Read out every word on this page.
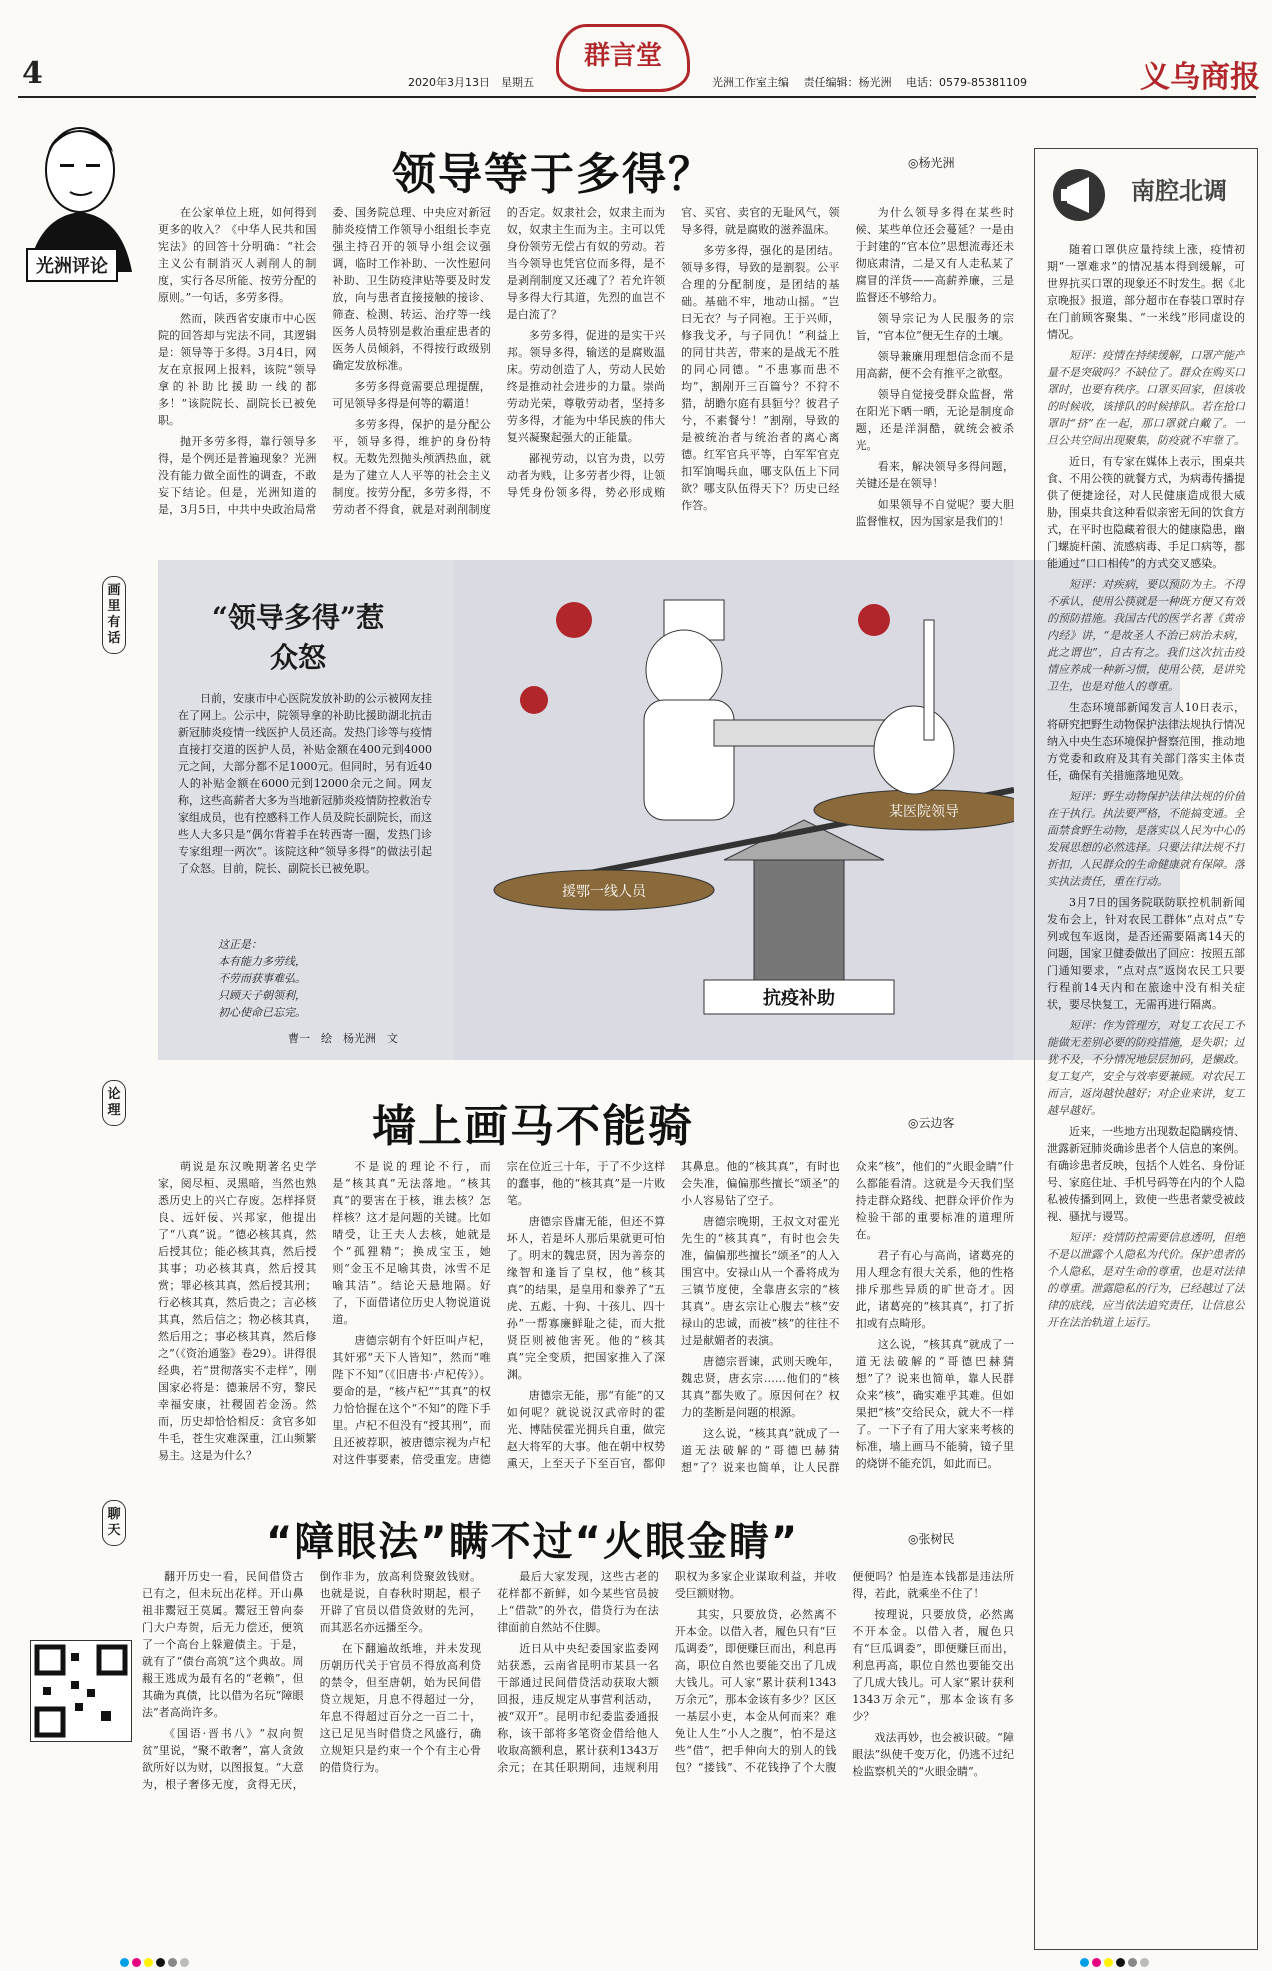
4	群言堂
2020年3月13日　星期五	光洲工作室主编　 责任编辑：杨光洲　 电话：0579-85381109	义乌商报
光洲评论
领导等于多得？	◎杨光洲

在公家单位上班，如何得到更多的收入？《中华人民共和国宪法》的回答十分明确：“社会主义公有制消灭人剥削人的制度，实行各尽所能、按劳分配的原则。”一句话，多劳多得。

然而，陕西省安康市中心医院的回答却与宪法不同，其逻辑是：领导等于多得。3月4日，网友在京报网上报料，该院“领导拿的补助比援助一线的都多！”该院院长、副院长已被免职。

抛开多劳多得，靠行领导多得，是个例还是普遍现象？光洲没有能力做全面性的调查，不敢妄下结论。但是，光洲知道的是，3月5日，中共中央政治局常委、国务院总理、中央应对新冠肺炎疫情工作领导小组组长李克强主持召开的领导小组会议强调，临时工作补助、一次性慰问补助、卫生防疫津贴等要及时发放，向与患者直接接触的接诊、筛查、检测、转运、治疗等一线医务人员特别是救治重症患者的医务人员倾斜，不得按行政级别确定发放标准。

多劳多得竟需要总理提醒，可见领导多得是何等的霸道！

多劳多得，保护的是分配公平，领导多得，维护的身份特权。无数先烈抛头颅洒热血，就是为了建立人人平等的社会主义制度。按劳分配，多劳多得，不劳动者不得食，就是对剥削制度的否定。奴隶社会，奴隶主而为奴，奴隶主生而为主。主可以凭身份领劳无偿占有奴的劳动。若当今领导也凭官位而多得，是不是剥削制度又还魂了？若允许领导多得大行其道，先烈的血岂不是白流了？

多劳多得，促进的是实干兴邦。领导多得，输送的是腐败温床。劳动创造了人，劳动人民始终是推动社会进步的力量。崇尚劳动光荣，尊敬劳动者，坚持多劳多得，才能为中华民族的伟大复兴凝聚起强大的正能量。

鄙视劳动，以官为贵，以劳动者为贱，让多劳者少得，让领导凭身份领多得，势必形成贿官、买官、卖官的无耻风气，领导多得，就是腐败的滋养温床。

多劳多得，强化的是团结。领导多得，导致的是割裂。公平合理的分配制度，是团结的基础。基础不牢，地动山摇。“岂曰无衣？与子同袍。王于兴师，修我戈矛，与子同仇！”利益上的同甘共苦，带来的是战无不胜的同心同德。“不患寡而患不均”，割剐开三百篇兮？不狩不猎，胡瞻尔庭有县貆兮？彼君子兮，不素餐兮！”割剐，导致的是被统治者与统治者的离心离德。红军官兵平等，白军军官克扣军饷喝兵血，哪支队伍上下同欲？哪支队伍得天下？历史已经作答。

为什么领导多得在某些时候、某些单位还会蔓延？一是由于封建的“官本位”思想流毒还未彻底肃清，二是又有人走私某了腐冒的洋货——高薪养廉，三是监督还不够给力。

领导宗记为人民服务的宗旨，“官本位”便无生存的土壤。

领导兼廉用理想信念而不是用高薪，便不会有推平之欲壑。

领导自觉接受群众监督，常在阳光下晒一晒，无论是制度命题，还是洋洞酷，就统会被杀光。

看来，解决领导多得问题，关键还是在领导！

如果领导不自觉呢？要大胆监督惟权，因为国家是我们的！

画里有话
“领导多得”惹众怒

日前，安康市中心医院发放补助的公示被网友挂在了网上。公示中，院领导拿的补助比援助湖北抗击新冠肺炎疫情一线医护人员还高。发热门诊等与疫情直接打交道的医护人员，补贴金额在400元到4000元之间，大部分都不足1000元。但同时，另有近40人的补贴金额在6000元到12000余元之间。网友称，这些高薪者大多为当地新冠肺炎疫情防控救治专家组成员，也有控感科工作人员及院长副院长，而这些人大多只是“偶尔背着手在转西寄一圈，发热门诊专家组理一两次”。该院这种“领导多得”的做法引起了众怒。目前，院长、副院长已被免职。

这正是：
本有能力多劳线，
不劳而获事难弘。
只顾天子朝领利，
初心使命已忘完。
曹一　绘　杨光洲　文
援鄂一线人员
某医院领导
抗疫补助
论理	墙上画马不能骑	◎云边客

萌说是东汉晚期著名史学家，阅尽桓、灵黑暗，当然也熟悉历史上的兴亡存废。怎样择贤良、远奸佞、兴邦家，他提出了“八真”说。“德必核其真，然后授其位；能必核其真，然后授其事；功必核其真，然后授其赏；罪必核其真，然后授其刑；行必核其真，然后贵之；言必核其真，然后信之；物必核其真，然后用之；事必核其真，然后修之”（《资治通鉴》卷29）。讲得很经典，若“贯彻落实不走样”，刚国家必将是：德兼居不穷，黎民幸福安康，社稷固若金汤。然而，历史却恰恰相反：贪官多如牛毛，苍生灾难深重，江山频繁易主。这是为什么？

不是说的理论不行，而是“核其真”无法落地。“核其真”的要害在于核，谁去核？怎样核？这才是问题的关键。比如晴受，让王夫人去核，她就是个“孤狸精”；换成宝玉，她则“金玉不足喻其贵，冰雪不足喻其洁”。结论天悬地隔。好了，下面借诸位历史人物说道说道。

唐德宗朝有个奸臣叫卢杞，其奸邪“天下人皆知”，然而“唯陛下不知”（《旧唐书·卢杞传》）。要命的是，“核卢杞”“其真”的权力恰恰握在这个“不知”的陛下手里。卢杞不但没有“授其刑”，而且还被荐职，被唐德宗视为卢杞对这件事要素，倍受重宠。唐德宗在位近三十年，于了不少这样的蠢事，他的“核其真”是一片败笔。

唐德宗昏庸无能，但还不算坏人，若是坏人那后果就更可怕了。明末的魏忠贤，因为善奈的缘智和逢旨了皇权，他“核其真”的结果，是皇用和豢养了“五虎、五彪、十狗、十孩儿、四十孙”一帮寡廉鲜耻之徒，而大批贤臣则被他害死。他的“核其真”完全变质，把国家推入了深渊。

唐德宗无能，那“有能”的又如何呢？就说说汉武帝时的霍光、博陆侯霍光拥兵自重，做完赵大将军的大事。他在朝中权势熏天，上至天子下至百官，都仰其鼻息。他的“核其真”，有时也会失准，偏偏那些擅长“颂圣”的小人容易钻了空子。

唐德宗晚期，王叔文对霍光先生的“核其真”，有时也会失准，偏偏那些擅长“颂圣”的人入围宫中。安禄山从一个番将成为三镇节度使，全靠唐玄宗的“核其真”。唐玄宗让心腹去“核”安禄山的忠诚，而被“核”的往往不过是献媚者的表演。

唐德宗晋谏，武则天晚年，魏忠贤，唐玄宗……他们的“核其真”都失败了。原因何在？权力的垄断是问题的根源。

这么说，“核其真”就成了一道无法破解的“哥德巴赫猜想”了？说来也简单，让人民群众来“核”，他们的“火眼金睛”什么都能看清。这就是今天我们坚持走群众路线、把群众评价作为检验干部的重要标准的道理所在。

君子有心与高尚，诸葛亮的用人理念有很大关系，他的性格排斥那些异质的旷世奇才。因此，诸葛亮的“核其真”，打了折扣或有点畸形。

这么说，“核其真”就成了一道无法破解的“哥德巴赫猜想”了？说来也简单，靠人民群众来“核”，确实难乎其难。但如果把“核”交给民众，就大不一样了。一下子有了用大家来考核的标准，墙上画马不能骑，镜子里的烧饼不能充饥，如此而已。

聊天	“障眼法”瞒不过“火眼金睛”	◎张树民

翻开历史一看，民间借贷古已有之，但未玩出花样。开山鼻祖非鬻冠王莫属。鬻冠王曾向泰门大户寿贺，后无力偿还，便筑了一个高台上躲避债主。于是，就有了“债台高筑”这个典故。周赧王逃成为最有名的“老赖”，但其确为真债，比以借为名玩“障眼法”者高尚许多。

《国语·晋书八》“叔向贺贫”里说，“聚不敢奢”，富人贪敛欲所好以为财，以图报复。“大意为，根子奢侈无度，贪得无厌，倒作非为，放高利贷聚敛钱财。也就是说，自春秋时期起，根子开辟了官员以借贷敛财的先河，而其恶名亦远播至今。

在下翻遍故纸堆，并未发现历朝历代关于官员不得放高利贷的禁令，但至唐朝，始为民间借贷立规矩，月息不得超过一分，年息不得超过百分之一百二十，这已足见当时借贷之风盛行，确立规矩只是约束一个个有主心骨的借贷行为。

最后大家发现，这些古老的花样都不新鲜，如今某些官员披上“借款”的外衣，借贷行为在法律面前自然站不住脚。

近日从中央纪委国家监委网站获悉，云南省昆明市某县一名干部通过民间借贷活动获取大额回报，违反规定从事营利活动，被“双开”。昆明市纪委监委通报称，该干部将多笔资金借给他人收取高额利息，累计获利1343万余元；在其任职期间，违规利用职权为多家企业谋取利益，并收受巨额财物。

其实，只要放贷，必然离不开本金。以借入者，履色只有“巨瓜调委”，即便赚巨而出，利息再高，职位自然也要能交出了几成大钱儿。可人家“累计获利1343万余元”，那本金该有多少？区区一基层小吏，本金从何而来？难免让人生“小人之腹”，怕不是这些“借”，把手伸向大的别人的钱包？“搂钱”、不花钱挣了个大腹便便吗？怕是连本钱都是违法所得，若此，就乘坐不住了！

按理说，只要放贷，必然离不开本金。以借入者，履色只有“巨瓜调委”，即便赚巨而出，利息再高，职位自然也要能交出了几成大钱儿。可人家“累计获利1343万余元”，那本金该有多少？

戏法再妙，也会被识破。“障眼法”纵使千变万化，仍逃不过纪检监察机关的“火眼金睛”。

南腔北调

随着口罩供应量持续上涨，疫情初期“一罩难求”的情况基本得到缓解，可世界抗买口罩的现象还不时发生。据《北京晚报》报道，部分超市在春装口罩时存在门前顾客聚集、“一米线”形同虚设的情况。

短评：疫情在持续缓解，口罩产能产量不是突破吗？不缺位了。群众在购买口罩时，也要有秩序。口罩买回家，但该收的时候收，该排队的时候排队。若在抢口罩时“挤”在一起，那口罩就白戴了。一旦公共空间出现聚集，防疫就不牢靠了。

近日，有专家在媒体上表示，围桌共食、不用公筷的就餐方式，为病毒传播提供了便捷途径，对人民健康造成很大威胁，围桌共食这种看似亲密无间的饮食方式，在平时也隐藏着很大的健康隐患，幽门螺旋杆菌、流感病毒、手足口病等，都能通过“口口相传”的方式交叉感染。

短评：对疾病，要以预防为主。不得不承认，使用公筷就是一种既方便又有效的预防措施。我国古代的医学名著《黄帝内经》讲，“是故圣人不治已病治未病，此之谓也”，自古有之。我们这次抗击疫情应养成一种新习惯，使用公筷，是讲究卫生，也是对他人的尊重。

生态环境部新闻发言人10日表示，将研究把野生动物保护法律法规执行情况纳入中央生态环境保护督察范围，推动地方党委和政府及其有关部门落实主体责任，确保有关措施落地见效。

短评：野生动物保护法律法规的价值在于执行。执法要严格，不能搞变通。全面禁食野生动物，是落实以人民为中心的发展思想的必然选择。只要法律法规不打折扣，人民群众的生命健康就有保障。落实执法责任，重在行动。

3月7日的国务院联防联控机制新闻发布会上，针对农民工群体“点对点”专列或包车返岗，是否还需要隔离14天的问题，国家卫健委做出了回应：按照五部门通知要求，“点对点”返岗农民工只要行程前14天内和在旅途中没有相关症状，要尽快复工，无需再进行隔离。

短评：作为管理方，对复工农民工不能做无差别必要的防疫措施，是失职；过犹不及，不分情况地层层加码，是懒政。复工复产，安全与效率要兼顾。对农民工而言，返岗越快越好；对企业来讲，复工越早越好。

近来，一些地方出现数起隐瞒疫情、泄露新冠肺炎确诊患者个人信息的案例。有确诊患者反映，包括个人姓名、身份证号、家庭住址、手机号码等在内的个人隐私被传播到网上，致使一些患者蒙受被歧视、骚扰与谩骂。

短评：疫情防控需要信息透明，但绝不是以泄露个人隐私为代价。保护患者的个人隐私，是对生命的尊重，也是对法律的尊重。泄露隐私的行为，已经越过了法律的底线，应当依法追究责任，让信息公开在法治轨道上运行。
